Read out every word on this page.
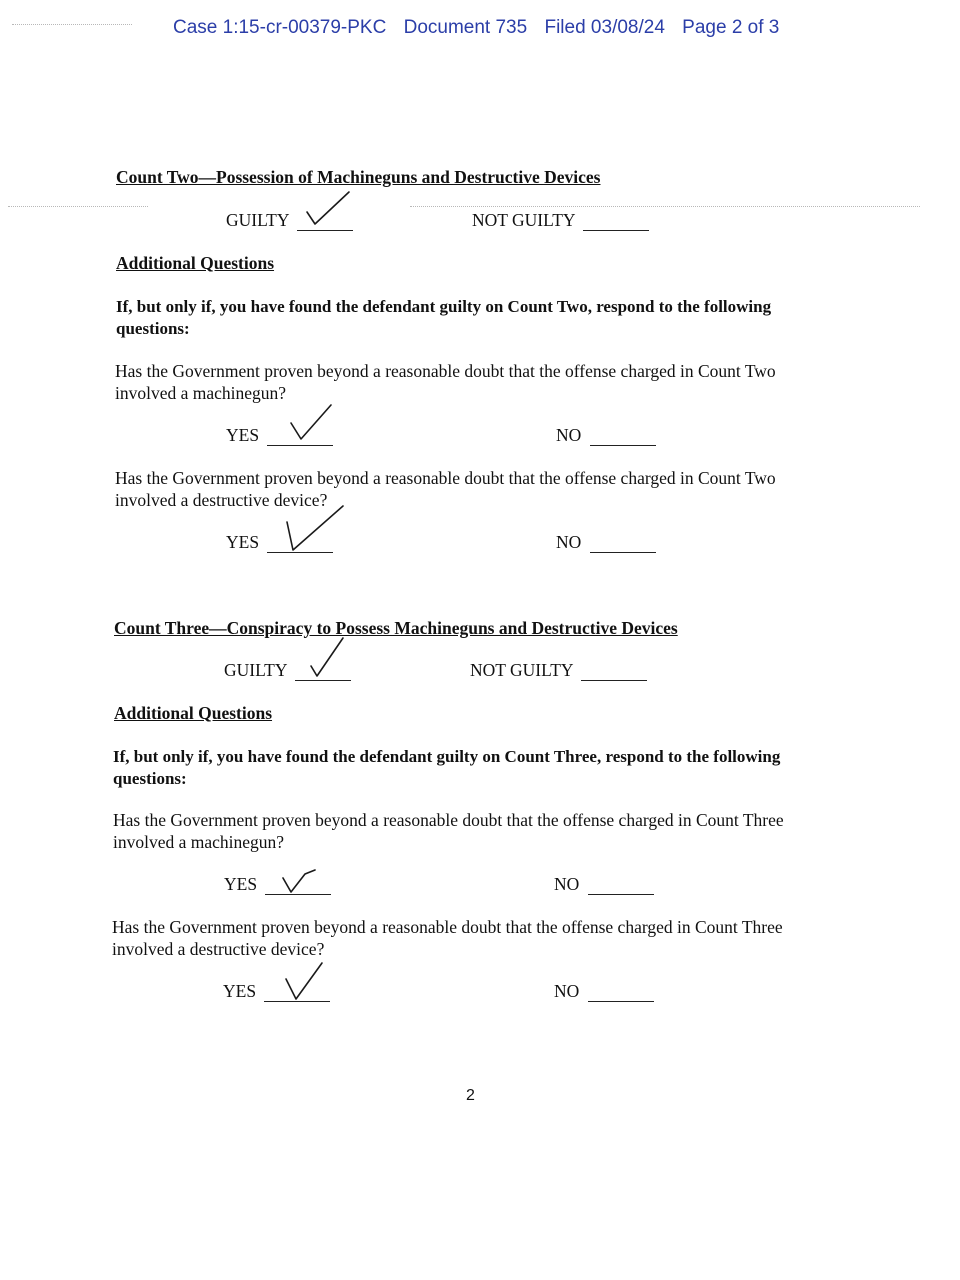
Case 1:15-cr-00379-PKC Document 735 Filed 03/08/24 Page 2 of 3
Count Two—Possession of Machineguns and Destructive Devices
GUILTY	NOT GUILTY
Additional Questions
If, but only if, you have found the defendant guilty on Count Two, respond to the following questions:
Has the Government proven beyond a reasonable doubt that the offense charged in Count Two involved a machinegun?
YES	NO
Has the Government proven beyond a reasonable doubt that the offense charged in Count Two involved a destructive device?
YES	NO
Count Three—Conspiracy to Possess Machineguns and Destructive Devices
GUILTY	NOT GUILTY
Additional Questions
If, but only if, you have found the defendant guilty on Count Three, respond to the following questions:
Has the Government proven beyond a reasonable doubt that the offense charged in Count Three involved a machinegun?
YES	NO
Has the Government proven beyond a reasonable doubt that the offense charged in Count Three involved a destructive device?
YES	NO
2
